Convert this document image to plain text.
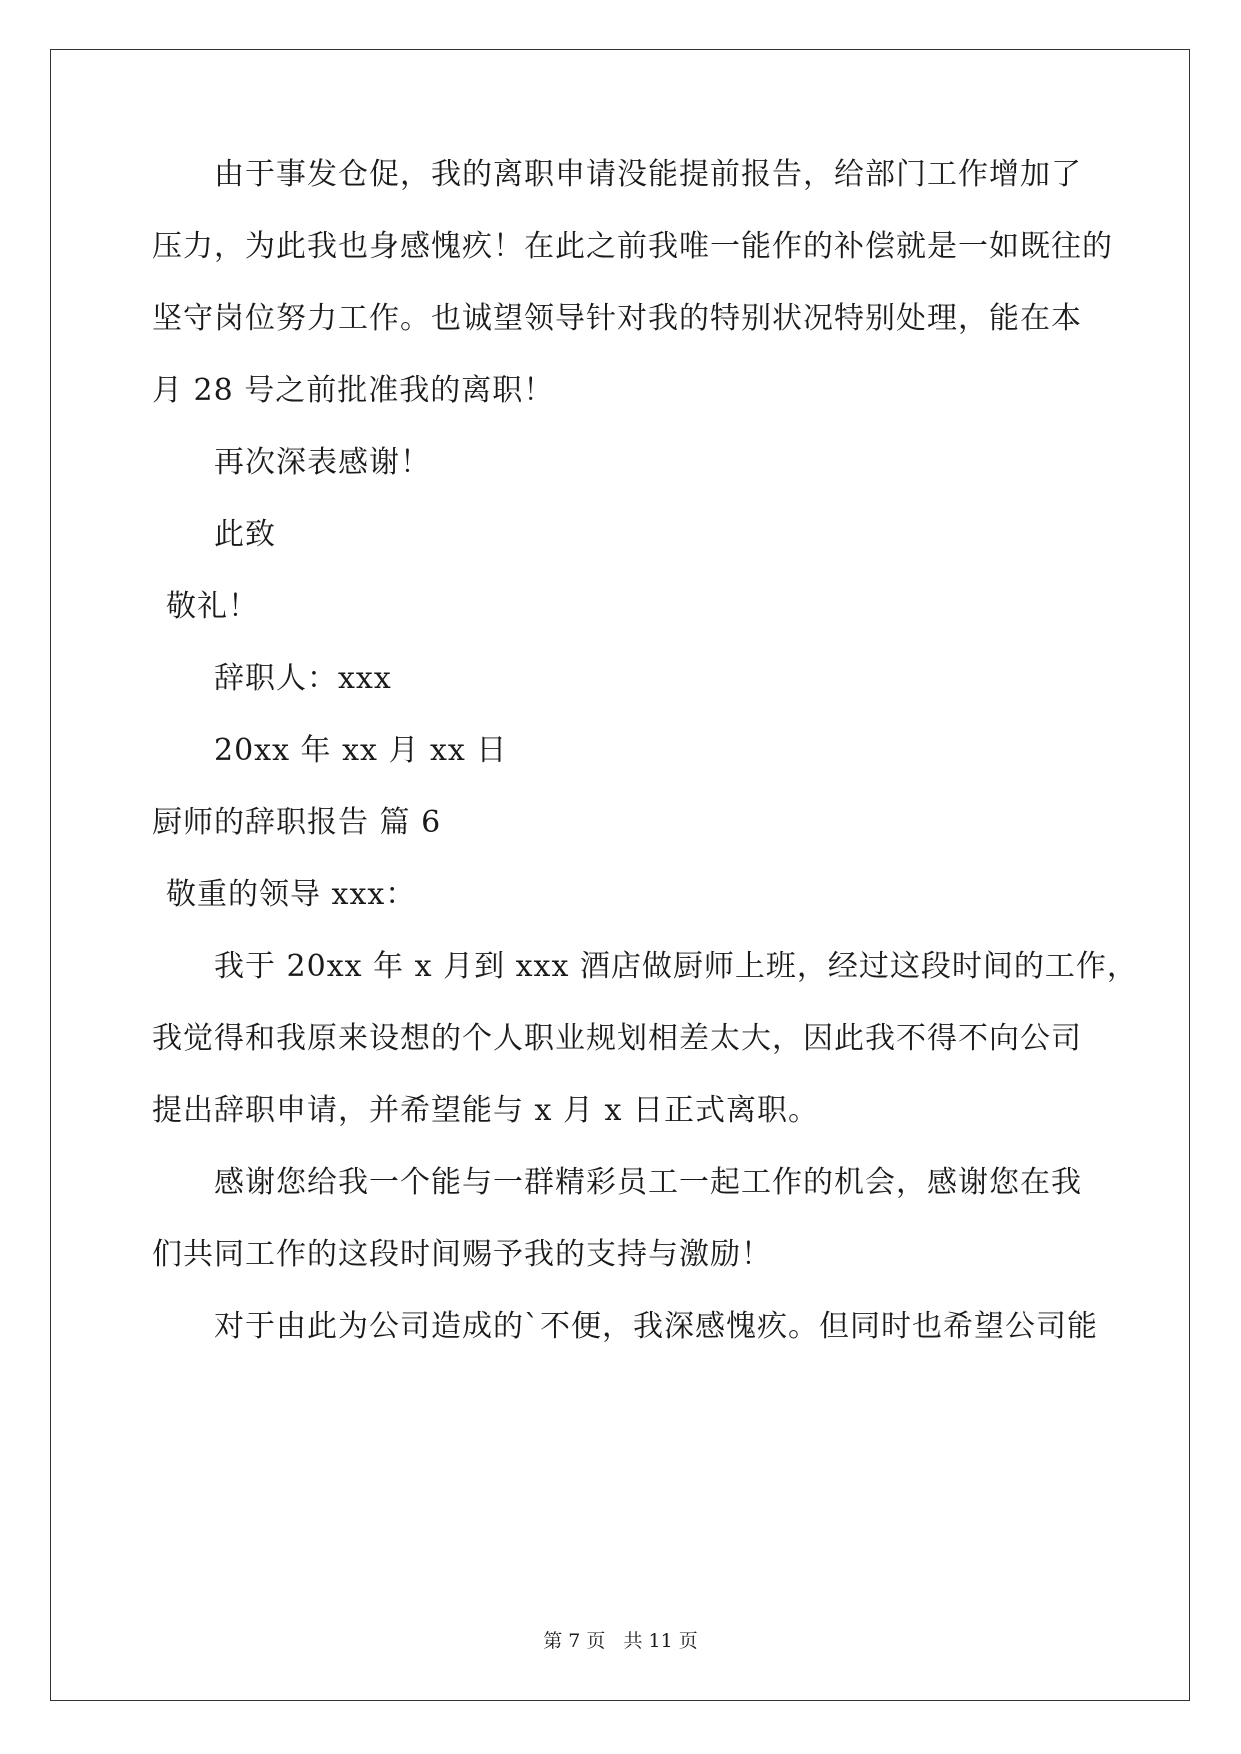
由于事发仓促，我的离职申请没能提前报告，给部门工作增加了
压力，为此我也身感愧疚！在此之前我唯一能作的补偿就是一如既往的
坚守岗位努力工作。也诚望领导针对我的特别状况特别处理，能在本
月 28 号之前批准我的离职！
再次深表感谢！
此致
敬礼！
辞职人：xxx
20xx 年 xx 月 xx 日
厨师的辞职报告 篇 6
敬重的领导 xxx：
我于 20xx 年 x 月到 xxx 酒店做厨师上班，经过这段时间的工作，
我觉得和我原来设想的个人职业规划相差太大，因此我不得不向公司
提出辞职申请，并希望能与 x 月 x 日正式离职。
感谢您给我一个能与一群精彩员工一起工作的机会，感谢您在我
们共同工作的这段时间赐予我的支持与激励！
对于由此为公司造成的`不便，我深感愧疚。但同时也希望公司能
第 7 页 共 11 页
